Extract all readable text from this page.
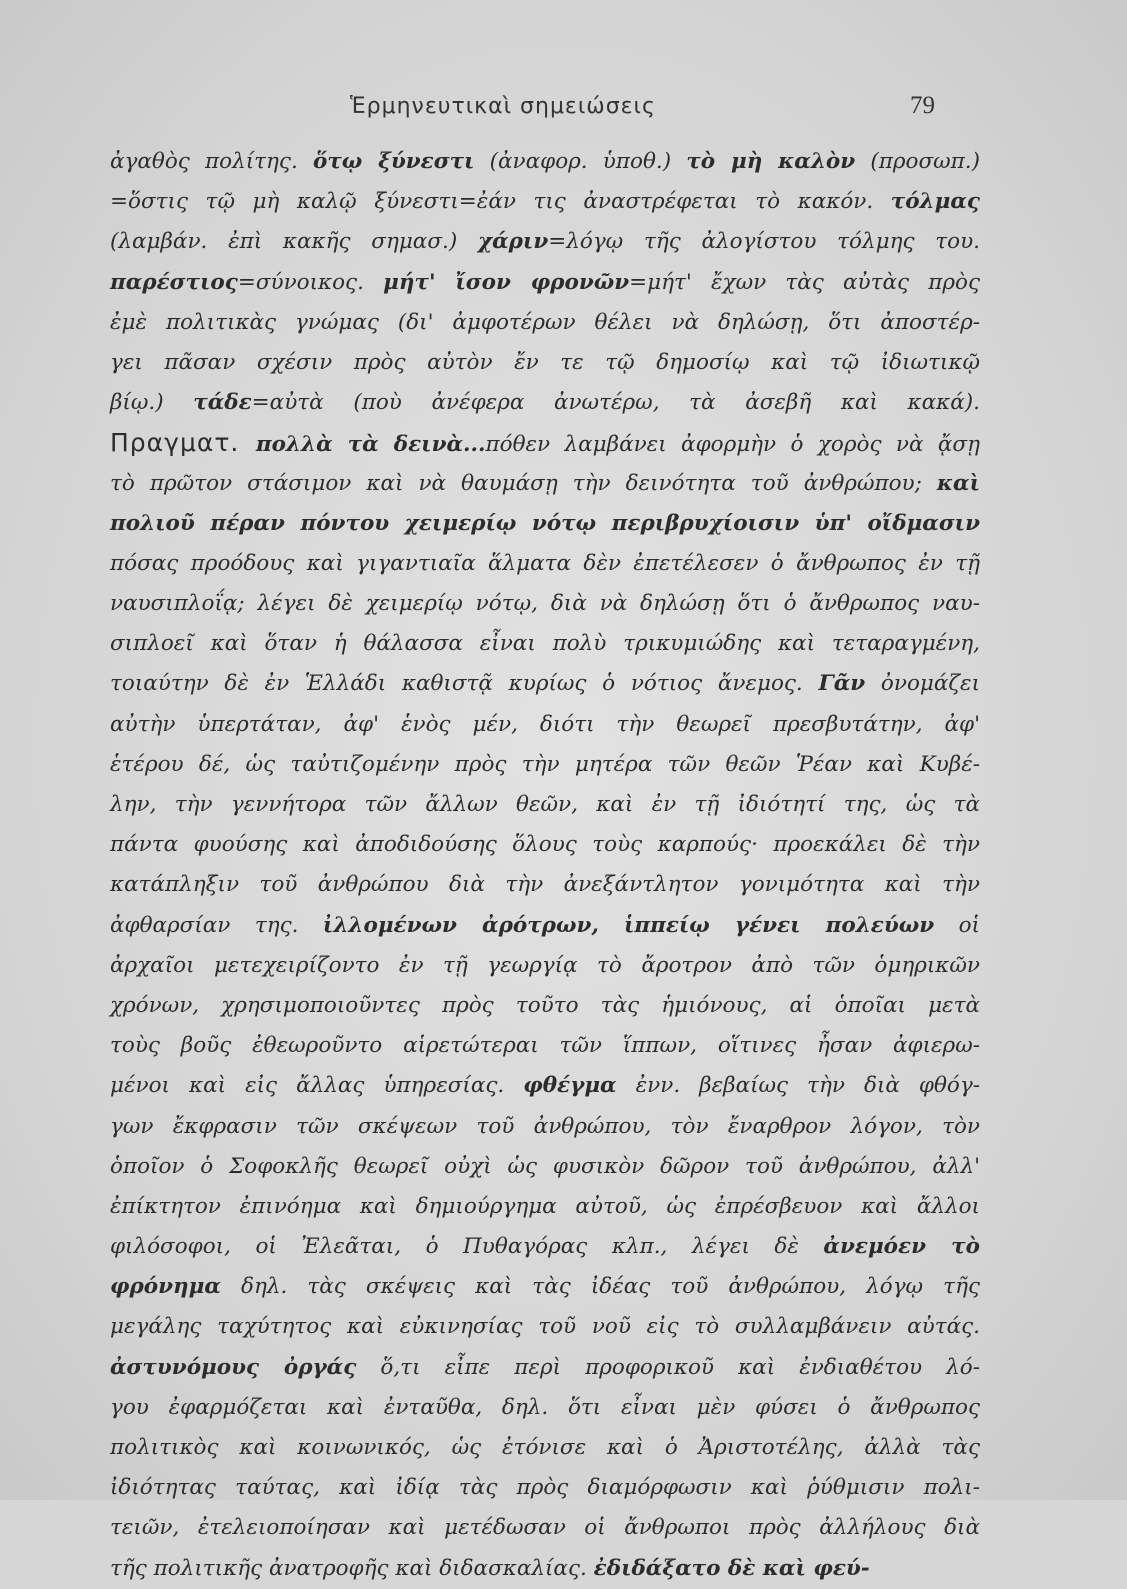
Ἑρμηνευτικαὶ σημειώσεις	79
ἀγαθὸς πολίτης. ὅτῳ ξύνεστι (ἀναφορ. ὑποθ.) τὸ μὴ καλὸν (προσωπ.)
=ὅστις τῷ μὴ καλῷ ξύνεστι=ἐάν τις ἀναστρέφεται τὸ κακόν. τόλμας
(λαμβάν. ἐπὶ κακῆς σημασ.) χάριν=λόγῳ τῆς ἀλογίστου τόλμης του.
παρέστιος=σύνοικος. μήτ' ἴσον φρονῶν=μήτ' ἔχων τὰς αὐτὰς πρὸς
ἐμὲ πολιτικὰς γνώμας (δι' ἀμφοτέρων θέλει νὰ δηλώσῃ, ὅτι ἀποστέρ-
γει πᾶσαν σχέσιν πρὸς αὐτὸν ἔν τε τῷ δημοσίῳ καὶ τῷ ἰδιωτικῷ
βίῳ.) τάδε=αὐτὰ (ποὺ ἀνέφερα ἀνωτέρω, τὰ ἀσεβῆ καὶ κακά).
Πραγματ. πολλὰ τὰ δεινὰ...πόθεν λαμβάνει ἀφορμὴν ὁ χορὸς νὰ ᾄσῃ
τὸ πρῶτον στάσιμον καὶ νὰ θαυμάσῃ τὴν δεινότητα τοῦ ἀνθρώπου; καὶ
πολιοῦ πέραν πόντου χειμερίῳ νότῳ περιβρυχίοισιν ὑπ' οἴδμασιν
πόσας προόδους καὶ γιγαντιαῖα ἅλματα δὲν ἐπετέλεσεν ὁ ἄνθρωπος ἐν τῇ
ναυσιπλοΐᾳ; λέγει δὲ χειμερίῳ νότῳ, διὰ νὰ δηλώσῃ ὅτι ὁ ἄνθρωπος ναυ-
σιπλοεῖ καὶ ὅταν ἡ θάλασσα εἶναι πολὺ τρικυμιώδης καὶ τεταραγμένη,
τοιαύτην δὲ ἐν Ἑλλάδι καθιστᾷ κυρίως ὁ νότιος ἄνεμος. Γᾶν ὀνομάζει
αὐτὴν ὑπερτάταν, ἀφ' ἑνὸς μέν, διότι τὴν θεωρεῖ πρεσβυτάτην, ἀφ'
ἑτέρου δέ, ὡς ταὐτιζομένην πρὸς τὴν μητέρα τῶν θεῶν Ῥέαν καὶ Κυβέ-
λην, τὴν γεννήτορα τῶν ἄλλων θεῶν, καὶ ἐν τῇ ἰδιότητί της, ὡς τὰ
πάντα φυούσης καὶ ἀποδιδούσης ὅλους τοὺς καρπούς· προεκάλει δὲ τὴν
κατάπληξιν τοῦ ἀνθρώπου διὰ τὴν ἀνεξάντλητον γονιμότητα καὶ τὴν
ἀφθαρσίαν της. ἰλλομένων ἀρότρων, ἱππείῳ γένει πολεύων οἱ
ἀρχαῖοι μετεχειρίζοντο ἐν τῇ γεωργίᾳ τὸ ἄροτρον ἀπὸ τῶν ὁμηρικῶν
χρόνων, χρησιμοποιοῦντες πρὸς τοῦτο τὰς ἡμιόνους, αἱ ὁποῖαι μετὰ
τοὺς βοῦς ἐθεωροῦντο αἱρετώτεραι τῶν ἵππων, οἵτινες ἦσαν ἀφιερω-
μένοι καὶ εἰς ἄλλας ὑπηρεσίας. φθέγμα ἐνν. βεβαίως τὴν διὰ φθόγ-
γων ἔκφρασιν τῶν σκέψεων τοῦ ἀνθρώπου, τὸν ἔναρθρον λόγον, τὸν
ὁποῖον ὁ Σοφοκλῆς θεωρεῖ οὐχὶ ὡς φυσικὸν δῶρον τοῦ ἀνθρώπου, ἀλλ'
ἐπίκτητον ἐπινόημα καὶ δημιούργημα αὐτοῦ, ὡς ἐπρέσβευον καὶ ἄλλοι
φιλόσοφοι, οἱ Ἐλεᾶται, ὁ Πυθαγόρας κλπ., λέγει δὲ ἀνεμόεν τὸ
φρόνημα δηλ. τὰς σκέψεις καὶ τὰς ἰδέας τοῦ ἀνθρώπου, λόγῳ τῆς
μεγάλης ταχύτητος καὶ εὐκινησίας τοῦ νοῦ εἰς τὸ συλλαμβάνειν αὐτάς.
ἀστυνόμους ὀργάς ὅ,τι εἶπε περὶ προφορικοῦ καὶ ἐνδιαθέτου λό-
γου ἐφαρμόζεται καὶ ἐνταῦθα, δηλ. ὅτι εἶναι μὲν φύσει ὁ ἄνθρωπος
πολιτικὸς καὶ κοινωνικός, ὡς ἐτόνισε καὶ ὁ Ἀριστοτέλης, ἀλλὰ τὰς
ἰδιότητας ταύτας, καὶ ἰδίᾳ τὰς πρὸς διαμόρφωσιν καὶ ῥύθμισιν πολι-
τειῶν, ἐτελειοποίησαν καὶ μετέδωσαν οἱ ἄνθρωποι πρὸς ἀλλήλους διὰ
τῆς πολιτικῆς ἀνατροφῆς καὶ διδασκαλίας. ἐδιδάξατο δὲ καὶ φεύ-
